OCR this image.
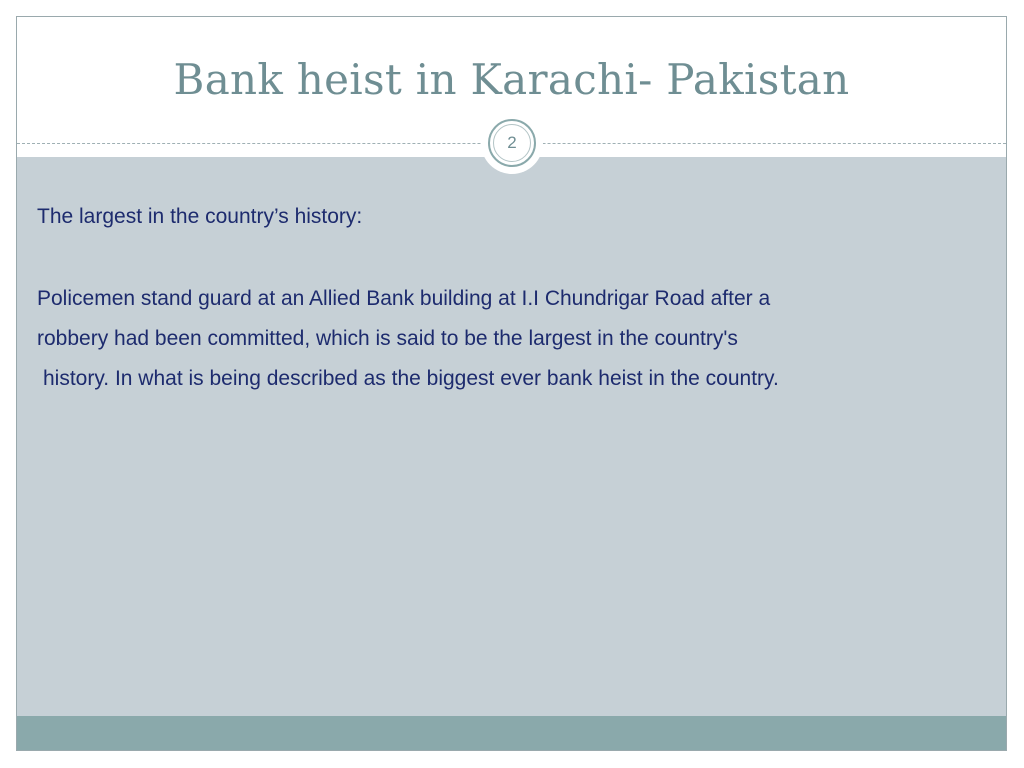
Bank heist in Karachi- Pakistan
2

The largest in the country’s history:

Policemen stand guard at an Allied Bank building at I.I Chundrigar Road after a

robbery had been committed, which is said to be the largest in the country's

history. In what is being described as the biggest ever bank heist in the country.
